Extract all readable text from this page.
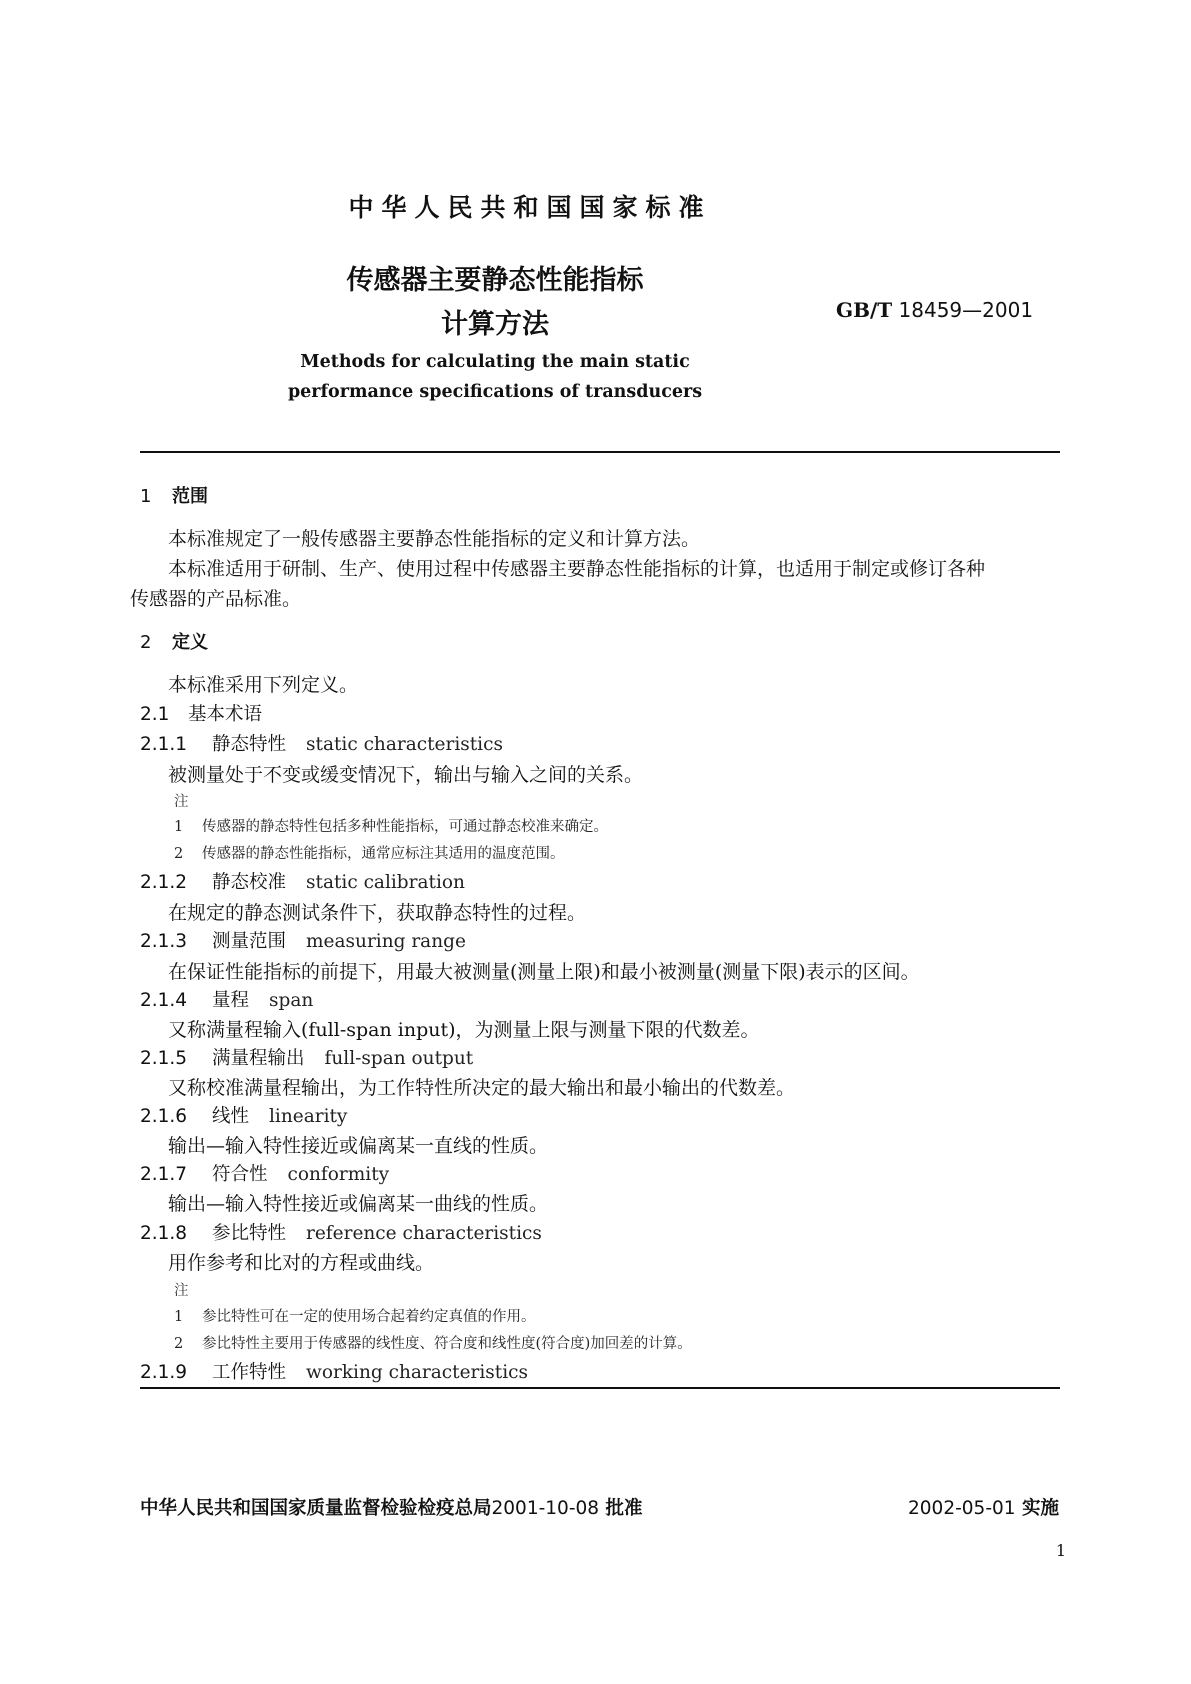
中华人民共和国国家标准
传感器主要静态性能指标
计算方法	GB/T 18459—2001
Methods for calculating the main static
performance specifications of transducers
1 范围
本标准规定了一般传感器主要静态性能指标的定义和计算方法。
本标准适用于研制、生产、使用过程中传感器主要静态性能指标的计算，也适用于制定或修订各种
传感器的产品标准。
2 定义
本标准采用下列定义。
2.1 基本术语
2.1.1 静态特性 static characteristics
被测量处于不变或缓变情况下，输出与输入之间的关系。
注
1 传感器的静态特性包括多种性能指标，可通过静态校准来确定。
2 传感器的静态性能指标，通常应标注其适用的温度范围。
2.1.2 静态校准 static calibration
在规定的静态测试条件下，获取静态特性的过程。
2.1.3 测量范围 measuring range
在保证性能指标的前提下，用最大被测量(测量上限)和最小被测量(测量下限)表示的区间。
2.1.4 量程 span
又称满量程输入(full-span input)，为测量上限与测量下限的代数差。
2.1.5 满量程输出 full-span output
又称校准满量程输出，为工作特性所决定的最大输出和最小输出的代数差。
2.1.6 线性 linearity
输出—输入特性接近或偏离某一直线的性质。
2.1.7 符合性 conformity
输出—输入特性接近或偏离某一曲线的性质。
2.1.8 参比特性 reference characteristics
用作参考和比对的方程或曲线。
注
1 参比特性可在一定的使用场合起着约定真值的作用。
2 参比特性主要用于传感器的线性度、符合度和线性度(符合度)加回差的计算。
2.1.9 工作特性 working characteristics
中华人民共和国国家质量监督检验检疫总局2001-10-08 批准	2002-05-01 实施
1
